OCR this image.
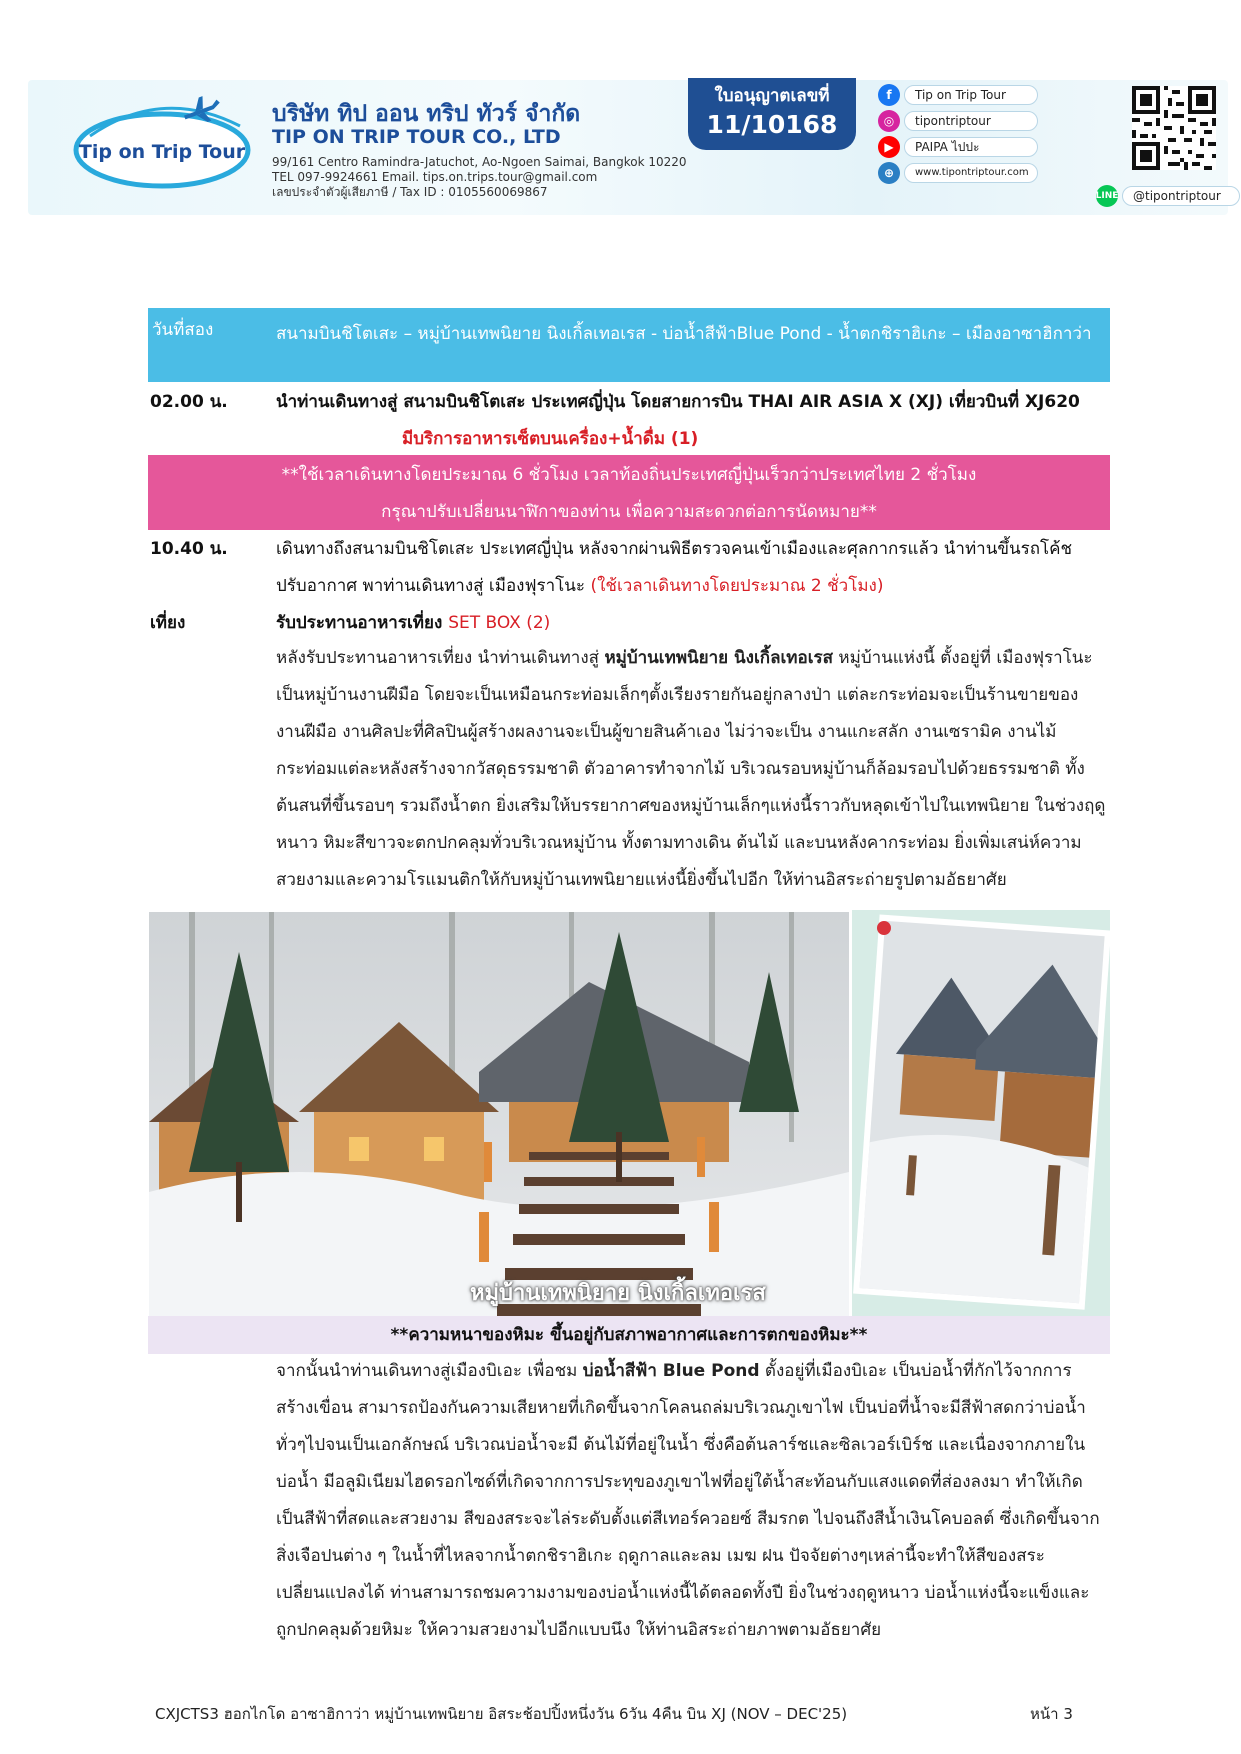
Tip on Trip Tour
บริษัท ทิป ออน ทริป ทัวร์ จำกัด
TIP ON TRIP TOUR CO., LTD
99/161 Centro Ramindra-Jatuchot, Ao-Ngoen Saimai, Bangkok 10220
TEL 097-9924661 Email. tips.on.trips.tour@gmail.com
เลขประจำตัวผู้เสียภาษี / Tax ID : 0105560069867
ใบอนุญาตเลขที่
11/10168
f	Tip on Trip Tour
◎	tipontriptour
▶	PAIPA ไปปะ
⊕	www.tipontriptour.com
LINE	@tipontriptour
วันที่สอง	สนามบินชิโตเสะ – หมู่บ้านเทพนิยาย นิงเกิ้ลเทอเรส - บ่อน้ำสีฟ้าBlue Pond - น้ำตกชิราฮิเกะ – เมืองอาซาฮิกาว่า
02.00 น.	นำท่านเดินทางสู่ สนามบินชิโตเสะ ประเทศญี่ปุ่น โดยสายการบิน THAI AIR ASIA X (XJ) เที่ยวบินที่ XJ620
มีบริการอาหารเซ็ตบนเครื่อง+น้ำดื่ม (1)
**ใช้เวลาเดินทางโดยประมาณ 6 ชั่วโมง เวลาท้องถิ่นประเทศญี่ปุ่นเร็วกว่าประเทศไทย 2 ชั่วโมง
กรุณาปรับเปลี่ยนนาฬิกาของท่าน เพื่อความสะดวกต่อการนัดหมาย**
10.40 น.	เดินทางถึงสนามบินชิโตเสะ ประเทศญี่ปุ่น หลังจากผ่านพิธีตรวจคนเข้าเมืองและศุลกากรแล้ว นำท่านขึ้นรถโค้ช
ปรับอากาศ พาท่านเดินทางสู่ เมืองฟุราโนะ (ใช้เวลาเดินทางโดยประมาณ 2 ชั่วโมง)
เที่ยง	รับประทานอาหารเที่ยง SET BOX (2)
หลังรับประทานอาหารเที่ยง นำท่านเดินทางสู่ หมู่บ้านเทพนิยาย นิงเกิ้ลเทอเรส หมู่บ้านแห่งนี้ ตั้งอยู่ที่ เมืองฟุราโนะ เป็นหมู่บ้านงานฝีมือ โดยจะเป็นเหมือนกระท่อมเล็กๆตั้งเรียงรายกันอยู่กลางป่า แต่ละกระท่อมจะเป็นร้านขายของงานฝีมือ งานศิลปะที่ศิลปินผู้สร้างผลงานจะเป็นผู้ขายสินค้าเอง ไม่ว่าจะเป็น งานแกะสลัก งานเซรามิค งานไม้ กระท่อมแต่ละหลังสร้างจากวัสดุธรรมชาติ ตัวอาคารทำจากไม้ บริเวณรอบหมู่บ้านก็ล้อมรอบไปด้วยธรรมชาติ ทั้งต้นสนที่ขึ้นรอบๆ รวมถึงน้ำตก ยิ่งเสริมให้บรรยากาศของหมู่บ้านเล็กๆแห่งนี้ราวกับหลุดเข้าไปในเทพนิยาย ในช่วงฤดูหนาว หิมะสีขาวจะตกปกคลุมทั่วบริเวณหมู่บ้าน ทั้งตามทางเดิน ต้นไม้ และบนหลังคากระท่อม ยิ่งเพิ่มเสน่ห์ความสวยงามและความโรแมนติกให้กับหมู่บ้านเทพนิยายแห่งนี้ยิ่งขึ้นไปอีก ให้ท่านอิสระถ่ายรูปตามอัธยาศัย
หมู่บ้านเทพนิยาย นิงเกิ้ลเทอเรส
**ความหนาของหิมะ ขึ้นอยู่กับสภาพอากาศและการตกของหิมะ**
จากนั้นนำท่านเดินทางสู่เมืองบิเอะ เพื่อชม บ่อน้ำสีฟ้า Blue Pond ตั้งอยู่ที่เมืองบิเอะ เป็นบ่อน้ำที่กักไว้จากการสร้างเขื่อน สามารถป้องกันความเสียหายที่เกิดขึ้นจากโคลนถล่มบริเวณภูเขาไฟ เป็นบ่อที่น้ำจะมีสีฟ้าสดกว่าบ่อน้ำทั่วๆไปจนเป็นเอกลักษณ์ บริเวณบ่อน้ำจะมี ต้นไม้ที่อยู่ในน้ำ ซึ่งคือต้นลาร์ชและซิลเวอร์เบิร์ช และเนื่องจากภายในบ่อน้ำ มีอลูมิเนียมไฮดรอกไซด์ที่เกิดจากการประทุของภูเขาไฟที่อยู่ใต้น้ำสะท้อนกับแสงแดดที่ส่องลงมา ทำให้เกิดเป็นสีฟ้าที่สดและสวยงาม สีของสระจะไล่ระดับตั้งแต่สีเทอร์ควอยซ์ สีมรกต ไปจนถึงสีน้ำเงินโคบอลต์ ซึ่งเกิดขึ้นจากสิ่งเจือปนต่าง ๆ ในน้ำที่ไหลจากน้ำตกชิราฮิเกะ ฤดูกาลและลม เมฆ ฝน ปัจจัยต่างๆเหล่านี้จะทำให้สีของสระเปลี่ยนแปลงได้ ท่านสามารถชมความงามของบ่อน้ำแห่งนี้ได้ตลอดทั้งปี ยิ่งในช่วงฤดูหนาว บ่อน้ำแห่งนี้จะแข็งและถูกปกคลุมด้วยหิมะ ให้ความสวยงามไปอีกแบบนึง ให้ท่านอิสระถ่ายภาพตามอัธยาศัย
CXJCTS3 ฮอกไกโด อาซาฮิกาว่า หมู่บ้านเทพนิยาย อิสระช้อปปิ้งหนึ่งวัน 6วัน 4คืน บิน XJ (NOV – DEC'25)	หน้า 3
